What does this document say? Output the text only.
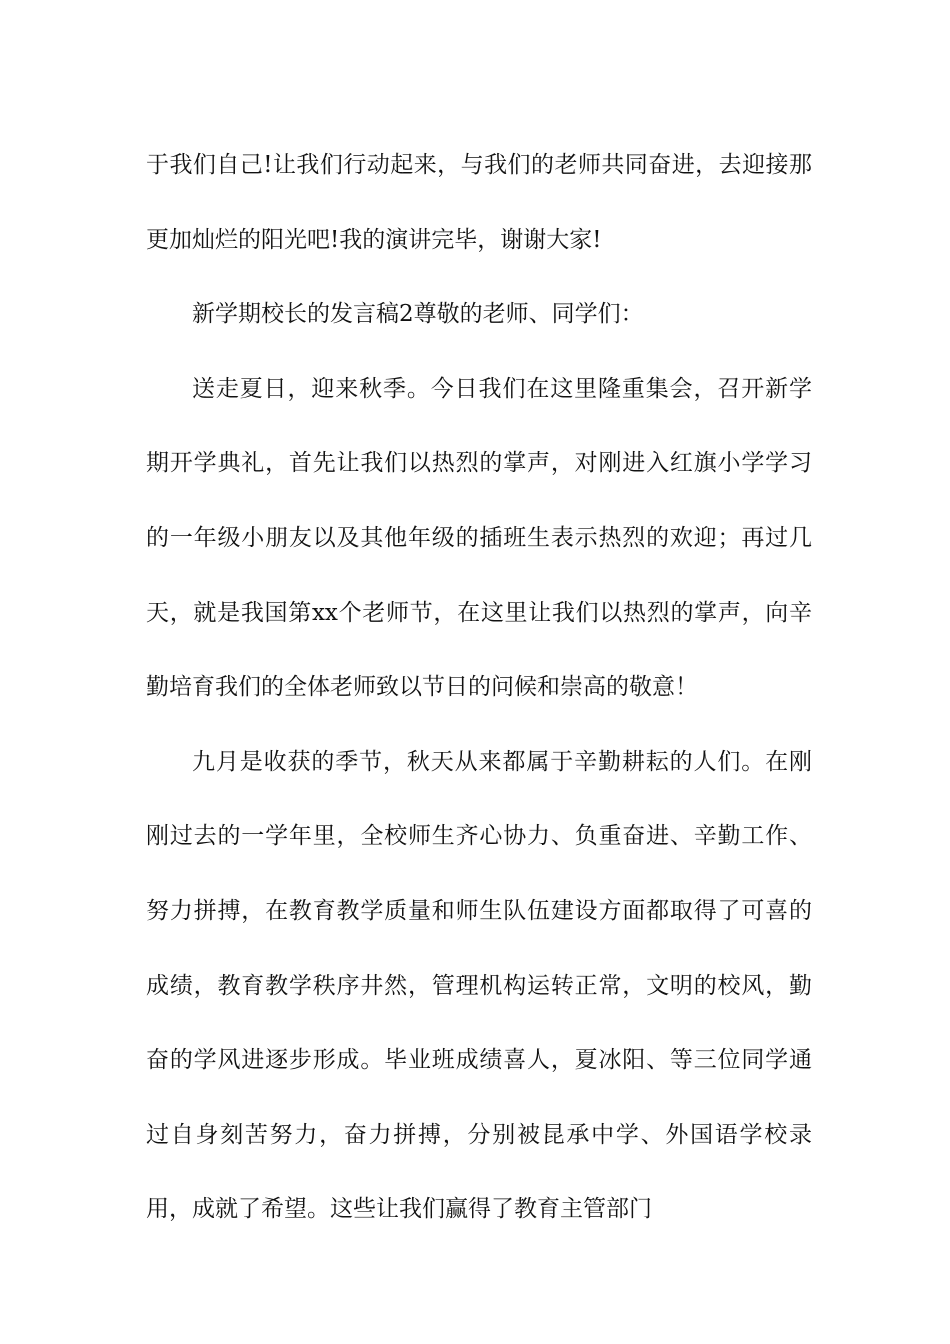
于我们自己!让我们行动起来，与我们的老师共同奋进，去迎接那更加灿烂的阳光吧!我的演讲完毕，谢谢大家!

新学期校长的发言稿2尊敬的老师、同学们：

送走夏日，迎来秋季。今日我们在这里隆重集会，召开新学期开学典礼，首先让我们以热烈的掌声，对刚进入红旗小学学习的一年级小朋友以及其他年级的插班生表示热烈的欢迎；再过几天，就是我国第xx个老师节，在这里让我们以热烈的掌声，向辛勤培育我们的全体老师致以节日的问候和崇高的敬意！

九月是收获的季节，秋天从来都属于辛勤耕耘的人们。在刚刚过去的一学年里，全校师生齐心协力、负重奋进、辛勤工作、努力拼搏，在教育教学质量和师生队伍建设方面都取得了可喜的成绩，教育教学秩序井然，管理机构运转正常，文明的校风，勤奋的学风进逐步形成。毕业班成绩喜人，夏冰阳、等三位同学通过自身刻苦努力，奋力拼搏，分别被昆承中学、外国语学校录用，成就了希望。这些让我们赢得了教育主管部门
